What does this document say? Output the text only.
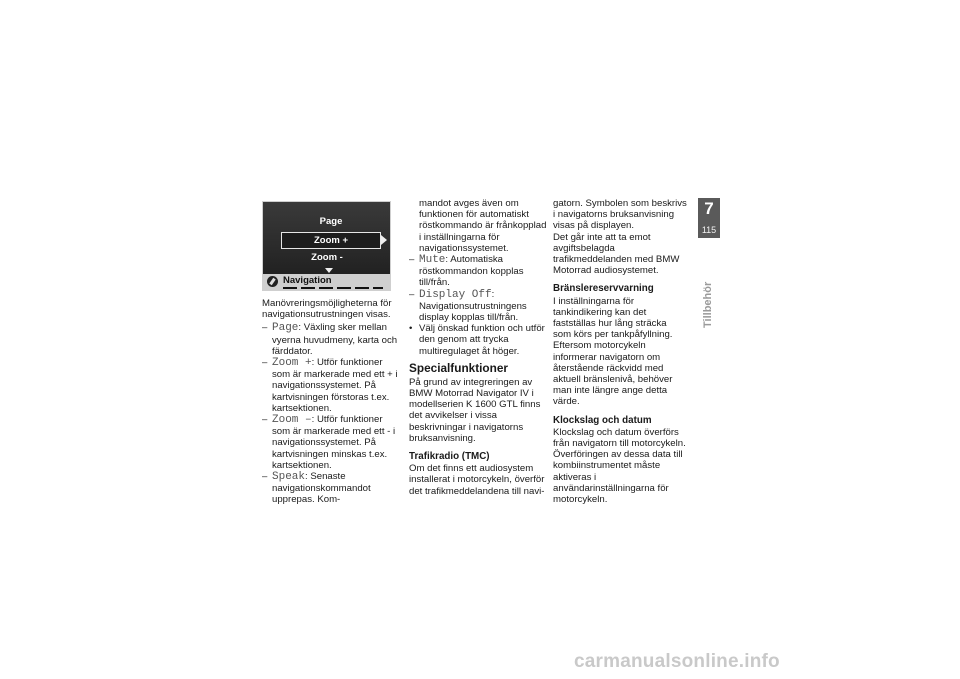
Page
Zoom +
Zoom -
Navigation

Manövreringsmöjligheterna för navigationsutrustningen visas.

– Page: Växling sker mellan vyerna huvudmeny, karta och färddator.

– Zoom +: Utför funktioner som är markerade med ett + i navigationssystemet. På kartvisningen förstoras t.ex. kartsektionen.

– Zoom –: Utför funktioner som är markerade med ett - i navigationssystemet. På kartvisningen minskas t.ex. kartsektionen.

– Speak: Senaste navigationskommandot upprepas. Kom-

mandot avges även om funktionen för automatiskt röstkommando är frånkopplad i inställningarna för navigationssystemet.

– Mute: Automatiska röstkommandon kopplas till/från.

– Display Off: Navigationsutrustningens display kopplas till/från.

• Välj önskad funktion och utför den genom att trycka multiregulaget åt höger.

Specialfunktioner

På grund av integreringen av BMW Motorrad Navigator IV i modellserien K 1600 GTL finns det avvikelser i vissa beskrivningar i navigatorns bruksanvisning.

Trafikradio (TMC)

Om det finns ett audiosystem installerat i motorcykeln, överför det trafikmeddelandena till navi-

gatorn. Symbolen som beskrivs i navigatorns bruksanvisning visas på displayen.

Det går inte att ta emot avgiftsbelagda trafikmeddelanden med BMW Motorrad audiosystemet.

Bränslereservvarning

I inställningarna för tankindikering kan det fastställas hur lång sträcka som körs per tankpåfyllning. Eftersom motorcykeln informerar navigatorn om återstående räckvidd med aktuell bränslenivå, behöver man inte längre ange detta värde.

Klockslag och datum

Klockslag och datum överförs från navigatorn till motorcykeln. Överföringen av dessa data till kombiinstrumentet måste aktiveras i användarinställningarna för motorcykeln.

7
115
Tillbehör
carmanualsonline.info
